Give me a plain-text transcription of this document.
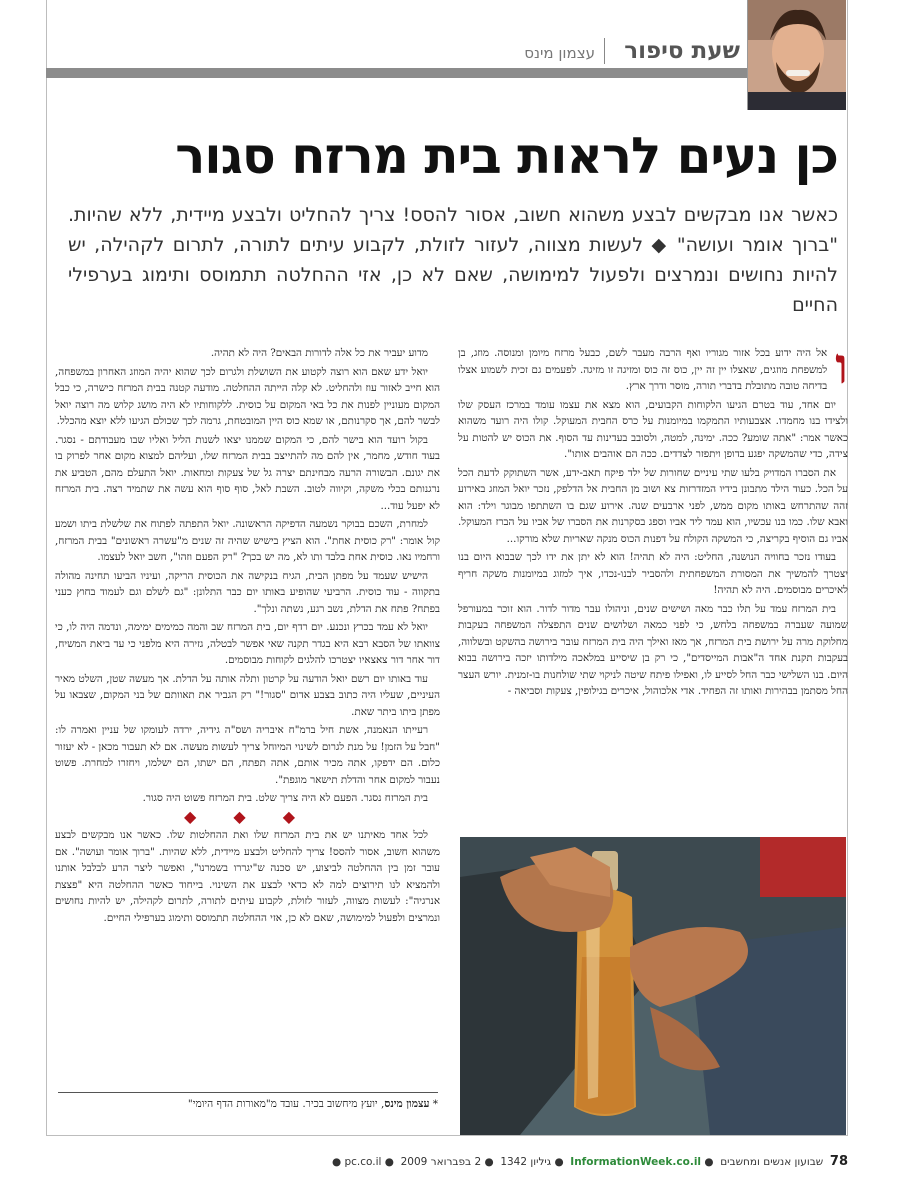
שעת סיפור
עצמון מינס
כן נעים לראות בית מרזח סגור

כאשר אנו מבקשים לבצע משהוא חשוב, אסור להסס! צריך להחליט ולבצע מיידית, ללא שהיות. "ברוך אומר ועושה" ◆ לעשות מצווה, לעזור לזולת, לקבוע עיתים לתורה, לתרום לקהילה, יש להיות נחושים ונמרצים ולפעול למימושה, שאם לא כן, אזי ההחלטה תתמוסס ותימוג בערפילי החיים

ו
אל היה ידוע בכל אזור מגוריו ואף הרבה מעבר לשם, כבעל מרזח מיומן ומנוסה. מוזג, בן למשפחת מוזגים, שאצלו יין זה יין, כוס זה כוס ומזיגה זו מזיגה. לפעמים גם זכית לשמוע אצלו בדיחה טובה מתובלת בדברי תורה, מוסר ודרך ארץ.

יום אחד, עוד בטרם הגיעו הלקוחות הקבועים, הוא מצא את עצמו עומד במרכז העסק שלו ולצידו בנו מחמדו. אצבעותיו התמקמו במיומנות על כרס החבית המעוקל. קולו היה רועד משהוא כאשר אמר: "אתה שומע? ככה. ימינה, למטה, ולסובב בעדינות עד הסוף. את הכוס יש להטות על צידה, כדי שהמשקה יפגע בדופן ויתפזר לצדדים. ככה הם אוהבים אותו".

את הסברו המדויק בלעו שתי עיניים שחורות של ילד פיקח תאב-ידע, אשר השתוקק לדעת הכל על הכל. כעוד הילד מתבונן בידיו המזדרזות צא ושוב מן החבית אל הדלפק, נזכר יואל המוזג באירוע זהה שהתרחש באותו מקום ממש, לפני ארבעים שנה. אירוע שגם בו השתתפו מבוגר וילד: הוא ואבא שלו. כמו בנו עכשיו, הוא עמד ליד אביו וספג בסקרנות את הסברו של אביו על הברז המעוקל. אביו גם הוסיף בקריצה, כי המשקה הקולח על דפנות הכוס מנקה שאריות שלא מורקו...

בעודו נזכר בחוויה הנושנה, החליט: היה לא תהיה! הוא לא יתן את ידו לכך שבבוא היום בנו יצטרך להמשיך את המסורת המשפחתית ולהסביר לבנו-נכדו, איך למזוג במיומנות משקה חריף לאיכרים מבוסמים. היה לא תהיה!

בית המרזח עמד על תלו כבר מאה ושישים שנים, וניהולו עבר מדור לדור. הוא זוכר במעורפל שמועה שעברה במשפחה בלחש, כי לפני כמאה ושלושים שנים התפצלה המשפחה בעקבות מחלוקת מרה על ירושת בית המרזח, אך מאז ואילך היה בית המרזח עובר בירושה בהשקט ובשלווה, בעקבות תקנת אחד ה"אבות המייסדים", כי רק בן שיסייע במלאכה מילדותו יזכה בירושה בבוא היום. בנו השלישי כבר החל לסייע לו, ואפילו פיתח שיטה לניקוי שתי שולחנות בו-זמנית. יורש העצר החל מסתמן בבהירות ואותו זה הפחיד. אדי אלכוהול, איכרים בגילופין, צעקות וסביאה -

מדוע יעביר את כל אלה לדורות הבאים? היה לא תהיה.

יואל ידע שאם הוא רוצה לקטוע את השושלת ולגרום לכך שהוא יהיה המוזג האחרון במשפחה, הוא חייב לאזור עוז ולהחליט. לא קלה הייתה ההחלטה. מודעה קטנה בבית המרזח כישרה, כי כבל המקום מעוניין לפנות את כל באי המקום על כוסית. ללקוחותיו לא היה מושג קלוש מה רוצה יואל לבשר להם, אך סקרנותם, או שמא כוס היין המובטחת, גרמה לכך שכולם הגיעו ללא יוצא מהכלל.

בקול רועד הוא בישר להם, כי המקום שממנו יצאו לשנות הליל ואליו שבו מעבודתם - נסגר. בעוד חודש, מחמר, אין להם מה להתייצב בבית המרזח שלו, ועליהם למצוא מקום אחר לפרוק בו את יגונם. הבשורה הרעה מבחינתם יצרה גל של צעקות ומחאות. יואל התעלם מהם, הטביע את נרגנותם בכלי משקה, וקיווה לטוב. השבת לאל, סוף סוף הוא עשה את שתמיד רצה. בית המרזח לא יפעל עוד...

למחרת, השכם בבוקר נשמעה הדפיקה הראשונה. יואל התפתה לפתוח את שלשלת ביתו ושמע קול אומר: "רק כוסית אחת". הוא הציץ בישיש שהיה זה שנים מ"עשרה ראשונים" בבית המרזח, ורחמיו נאו. כוסית אחת בלבד ותו לא, מה יש בכך? "רק הפעם וזהו", חשב יואל לעצמו.

הישיש שעמד על מפתן הבית, הגיח בנקישה את הכוסית הריקה, ועיניו הביעו תחינה מהולה בתקווה - עוד כוסית. הרביעי שהופיע באותו יום כבר התלונן: "גם לשלם וגם לעמוד בחוץ כעני בפתח? פתח את הדלת, נשב רגע, נשתה ונלך".

יואל לא עמד בכרץ ונכנע. יום רדף יום, בית המרזח שב והמה כמימים ימימה, ונדמה היה לו, כי צוואתו של הסבא רבא היא בגדר תקנה שאי אפשר לבטלה, גזירה היא מלפני כי עד ביאת המשיח, דור אחר דור צאצאיו יצטרכו להלגים לקוחות מבוסמים.

עוד באותו יום רשם יואל הודעה על קרטון ותלה אותה על הדלת. אך מעשה שטן, השלט מאיר העיניים, שעליו היה כתוב בצבע אדום "סגור!" רק הגביר את תאוותם של בני המקום, שצבאו על מפתן ביתו ביתר שאת.

רעייתו הנאמנה, אשת חיל ברמ"ח איבריה ושס"ה גידיה, ירדה לעומקו של עניין ואמרה לו: "חבל על הזמן! על מנת לגרום לשינוי המיוחל צריך לעשות מעשה. אם לא תעבור מכאן - לא יעזור כלום. הם ידפקו, אתה מכיר אותם, אתה תפתח, הם ישתו, הם ישלמו, ויחזרו למחרת. פשוט נעבור למקום אחר והדלת תישאר מוגפת".

בית המרזח נסגר. הפעם לא היה צריך שלט. בית המרזח פשוט היה סגור.

◆ ◆ ◆

לכל אחד מאיתנו יש את בית המרזח שלו ואת ההחלטות שלו. כאשר אנו מבקשים לבצע משהוא חשוב, אסור להסס! צריך להחליט ולבצע מיידית, ללא שהיות. "ברוך אומר ועושה". אם עובר זמן בין ההחלטה לביצוע, יש סכנה ש"יגררו בשמרנו", ואפשר ליצר הרע לבלבל אותנו ולהמציא לנו תירוצים למה לא כדאי לבצע את השינוי. בייחוד כאשר ההחלטה היא "פצצת אנרגיה": לעשות מצווה, לעזור לזולת, לקבוע עיתים לתורה, לתרום לקהילה, יש להיות נחושים ונמרצים ולפעול למימושה, שאם לא כן, אזי ההחלטה תתמוסס ותימוג בערפילי החיים.

* עצמון מינס, יועץ מיחשוב בכיר. עובד מ"מאורות הדף היומי"

78  שבועון אנשים ומחשבים  ● InformationWeek.co.il  ● גיליון 1342  ● 2 בפברואר 2009  ● pc.co.il ●
